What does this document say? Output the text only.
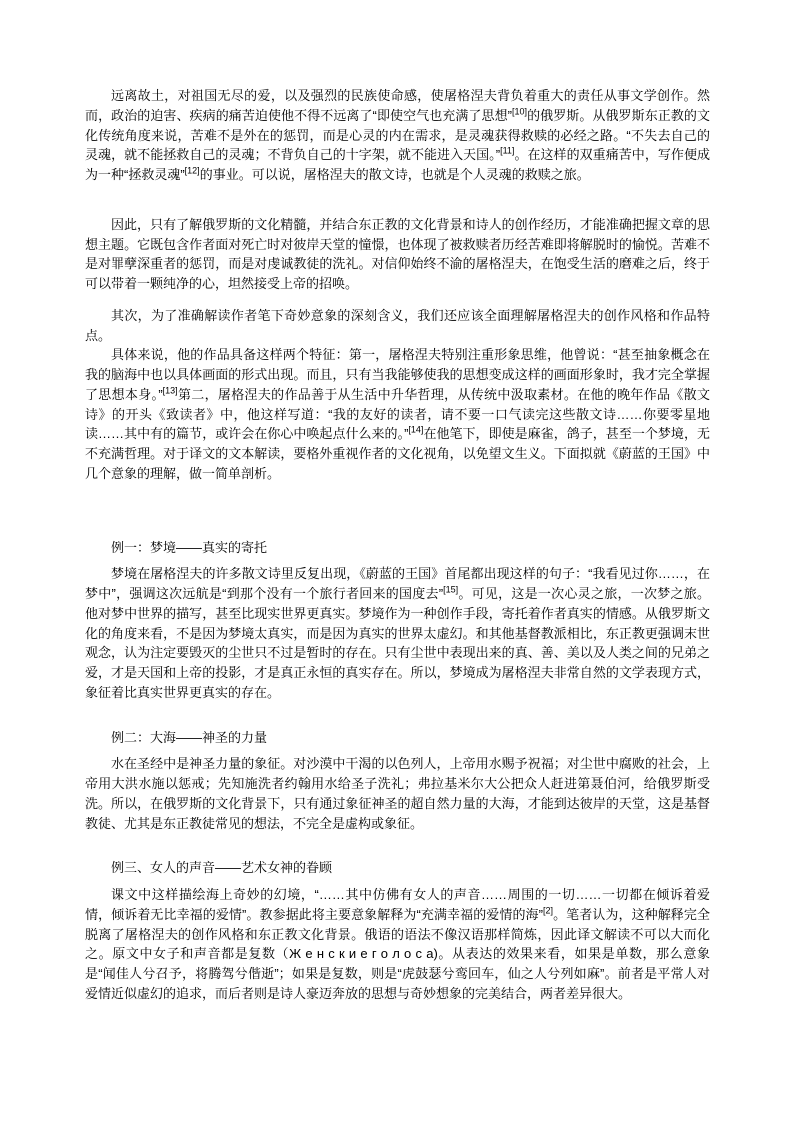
远离故土，对祖国无尽的爱，以及强烈的民族使命感，使屠格涅夫背负着重大的责任从事文学创作。然而，政治的迫害、疾病的痛苦迫使他不得不远离了“即使空气也充满了思想”[10]的俄罗斯。从俄罗斯东正教的文化传统角度来说，苦难不是外在的惩罚，而是心灵的内在需求，是灵魂获得救赎的必经之路。“不失去自己的灵魂，就不能拯救自己的灵魂；不背负自己的十字架，就不能进入天国。”[11]。在这样的双重痛苦中，写作便成为一种“拯救灵魂”[12]的事业。可以说，屠格涅夫的散文诗，也就是个人灵魂的救赎之旅。

因此，只有了解俄罗斯的文化精髓，并结合东正教的文化背景和诗人的创作经历，才能准确把握文章的思想主题。它既包含作者面对死亡时对彼岸天堂的憧憬，也体现了被救赎者历经苦难即将解脱时的愉悦。苦难不是对罪孽深重者的惩罚，而是对虔诚教徒的洗礼。对信仰始终不渝的屠格涅夫，在饱受生活的磨难之后，终于可以带着一颗纯净的心，坦然接受上帝的招唤。

其次，为了准确解读作者笔下奇妙意象的深刻含义，我们还应该全面理解屠格涅夫的创作风格和作品特点。

具体来说，他的作品具备这样两个特征：第一，屠格涅夫特别注重形象思维，他曾说：“甚至抽象概念在我的脑海中也以具体画面的形式出现。而且，只有当我能够使我的思想变成这样的画面形象时，我才完全掌握了思想本身。”[13]第二，屠格涅夫的作品善于从生活中升华哲理，从传统中汲取素材。在他的晚年作品《散文诗》的开头《致读者》中，他这样写道：“我的友好的读者，请不要一口气读完这些散文诗……你要零星地读……其中有的篇节，或许会在你心中唤起点什么来的。”[14]在他笔下，即使是麻雀，鸽子，甚至一个梦境，无不充满哲理。对于译文的文本解读，要格外重视作者的文化视角，以免望文生义。下面拟就《蔚蓝的王国》中几个意象的理解，做一简单剖析。

例一：梦境——真实的寄托

梦境在屠格涅夫的许多散文诗里反复出现，《蔚蓝的王国》首尾都出现这样的句子：“我看见过你……，在梦中”，强调这次远航是“到那个没有一个旅行者回来的国度去”[15]。可见，这是一次心灵之旅，一次梦之旅。他对梦中世界的描写，甚至比现实世界更真实。梦境作为一种创作手段，寄托着作者真实的情感。从俄罗斯文化的角度来看，不是因为梦境太真实，而是因为真实的世界太虚幻。和其他基督教派相比，东正教更强调末世观念，认为注定要毁灭的尘世只不过是暂时的存在。只有尘世中表现出来的真、善、美以及人类之间的兄弟之爱，才是天国和上帝的投影，才是真正永恒的真实存在。所以，梦境成为屠格涅夫非常自然的文学表现方式，象征着比真实世界更真实的存在。

例二：大海——神圣的力量

水在圣经中是神圣力量的象征。对沙漠中干渴的以色列人，上帝用水赐予祝福；对尘世中腐败的社会，上帝用大洪水施以惩戒；先知施洗者约翰用水给圣子洗礼；弗拉基米尔大公把众人赶进第聂伯河，给俄罗斯受洗。所以，在俄罗斯的文化背景下，只有通过象征神圣的超自然力量的大海，才能到达彼岸的天堂，这是基督教徒、尤其是东正教徒常见的想法，不完全是虚构或象征。

例三、女人的声音——艺术女神的眷顾

课文中这样描绘海上奇妙的幻境，“……其中仿佛有女人的声音……周围的一切……一切都在倾诉着爱情，倾诉着无比幸福的爱情”。教参据此将主要意象解释为“充满幸福的爱情的海”[2]。笔者认为，这种解释完全脱离了屠格涅夫的创作风格和东正教文化背景。俄语的语法不像汉语那样简炼，因此译文解读不可以大而化之。原文中女子和声音都是复数（Ж е н с к и е г о л о с а)。从表达的效果来看，如果是单数，那么意象是“闻佳人兮召予，将腾驾兮偕逝”；如果是复数，则是“虎鼓瑟兮鸾回车，仙之人兮列如麻”。前者是平常人对爱情近似虚幻的追求，而后者则是诗人豪迈奔放的思想与奇妙想象的完美结合，两者差异很大。
